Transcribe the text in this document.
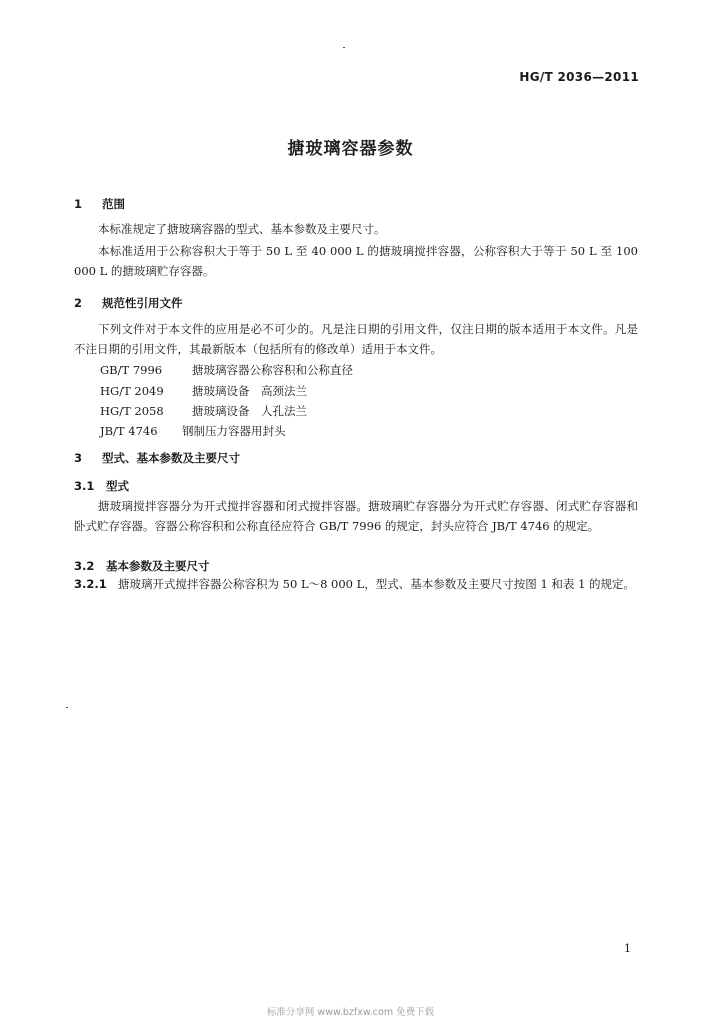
HG/T 2036—2011
搪玻璃容器参数
1 范围
本标准规定了搪玻璃容器的型式、基本参数及主要尺寸。
本标准适用于公称容积大于等于 50 L 至 40 000 L 的搪玻璃搅拌容器，公称容积大于等于 50 L 至 100 000 L 的搪玻璃贮存容器。
2 规范性引用文件
下列文件对于本文件的应用是必不可少的。凡是注日期的引用文件，仅注日期的版本适用于本文件。凡是不注日期的引用文件，其最新版本（包括所有的修改单）适用于本文件。
GB/T 7996	搪玻璃容器公称容积和公称直径
HG/T 2049 搪玻璃设备　高颈法兰
HG/T 2058 搪玻璃设备　人孔法兰
JB/T 4746 钢制压力容器用封头
3 型式、基本参数及主要尺寸
3.1 型式
搪玻璃搅拌容器分为开式搅拌容器和闭式搅拌容器。搪玻璃贮存容器分为开式贮存容器、闭式贮存容器和卧式贮存容器。容器公称容积和公称直径应符合 GB/T 7996 的规定，封头应符合 JB/T 4746 的规定。
3.2 基本参数及主要尺寸
3.2.1 搪玻璃开式搅拌容器公称容积为 50 L～8 000 L，型式、基本参数及主要尺寸按图 1 和表 1 的规定。
1
标准分享网 www.bzfxw.com 免费下载
